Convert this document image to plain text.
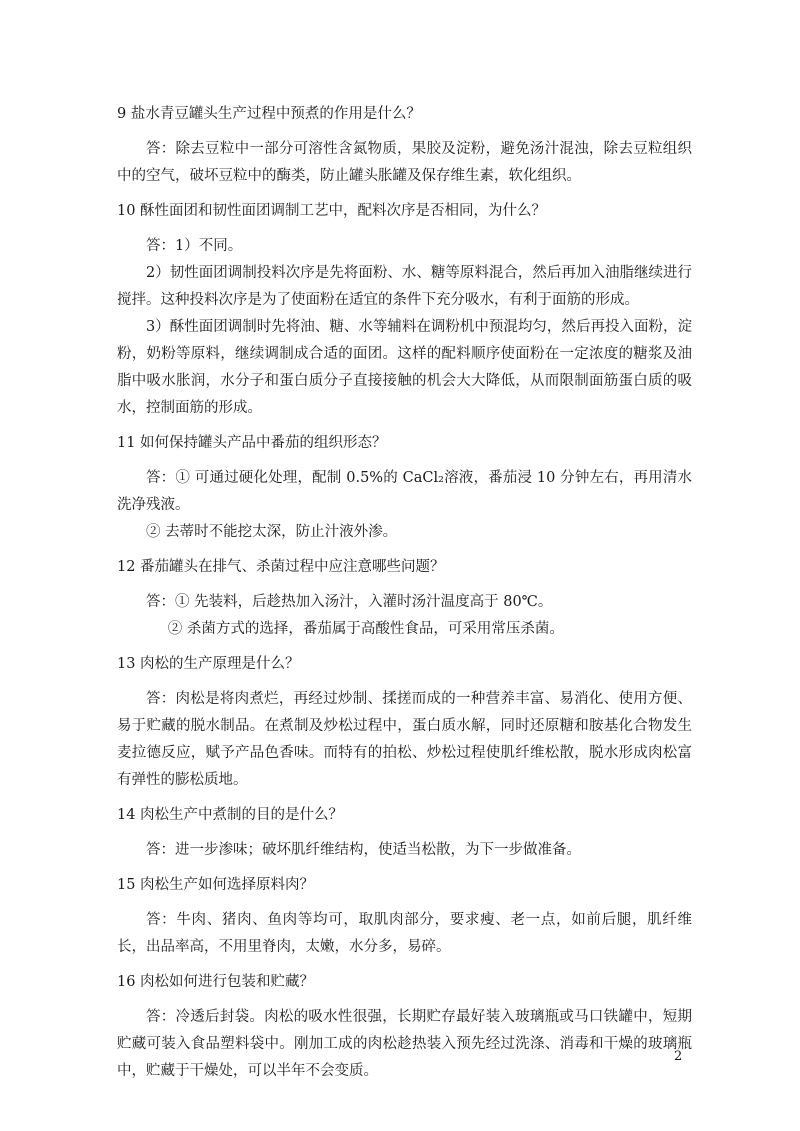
9 盐水青豆罐头生产过程中预煮的作用是什么？

答：除去豆粒中一部分可溶性含氮物质，果胶及淀粉，避免汤汁混浊，除去豆粒组织中的空气，破坏豆粒中的酶类，防止罐头胀罐及保存维生素，软化组织。

10 酥性面团和韧性面团调制工艺中，配料次序是否相同，为什么？

答：1）不同。

2）韧性面团调制投料次序是先将面粉、水、糖等原料混合，然后再加入油脂继续进行搅拌。这种投料次序是为了使面粉在适宜的条件下充分吸水，有利于面筋的形成。

3）酥性面团调制时先将油、糖、水等辅料在调粉机中预混均匀，然后再投入面粉，淀粉，奶粉等原料，继续调制成合适的面团。这样的配料顺序使面粉在一定浓度的糖浆及油脂中吸水胀润，水分子和蛋白质分子直接接触的机会大大降低，从而限制面筋蛋白质的吸水，控制面筋的形成。

11 如何保持罐头产品中番茄的组织形态？

答：① 可通过硬化处理，配制 0.5%的 CaCl₂溶液，番茄浸 10 分钟左右，再用清水洗净残液。

② 去蒂时不能挖太深，防止汁液外渗。

12 番茄罐头在排气、杀菌过程中应注意哪些问题？

答：① 先装料，后趁热加入汤汁，入灌时汤汁温度高于 80℃。

② 杀菌方式的选择，番茄属于高酸性食品，可采用常压杀菌。

13 肉松的生产原理是什么？

答：肉松是将肉煮烂，再经过炒制、揉搓而成的一种营养丰富、易消化、使用方便、易于贮藏的脱水制品。在煮制及炒松过程中，蛋白质水解，同时还原糖和胺基化合物发生麦拉德反应，赋予产品色香味。而特有的拍松、炒松过程使肌纤维松散，脱水形成肉松富有弹性的膨松质地。

14 肉松生产中煮制的目的是什么？

答：进一步渗味；破坏肌纤维结构，使适当松散，为下一步做准备。

15 肉松生产如何选择原料肉？

答：牛肉、猪肉、鱼肉等均可，取肌肉部分，要求瘦、老一点，如前后腿，肌纤维长，出品率高，不用里脊肉，太嫩，水分多，易碎。

16 肉松如何进行包装和贮藏？

答：冷透后封袋。肉松的吸水性很强，长期贮存最好装入玻璃瓶或马口铁罐中，短期贮藏可装入食品塑料袋中。刚加工成的肉松趁热装入预先经过洗涤、消毒和干燥的玻璃瓶中，贮藏于干燥处，可以半年不会变质。

2
